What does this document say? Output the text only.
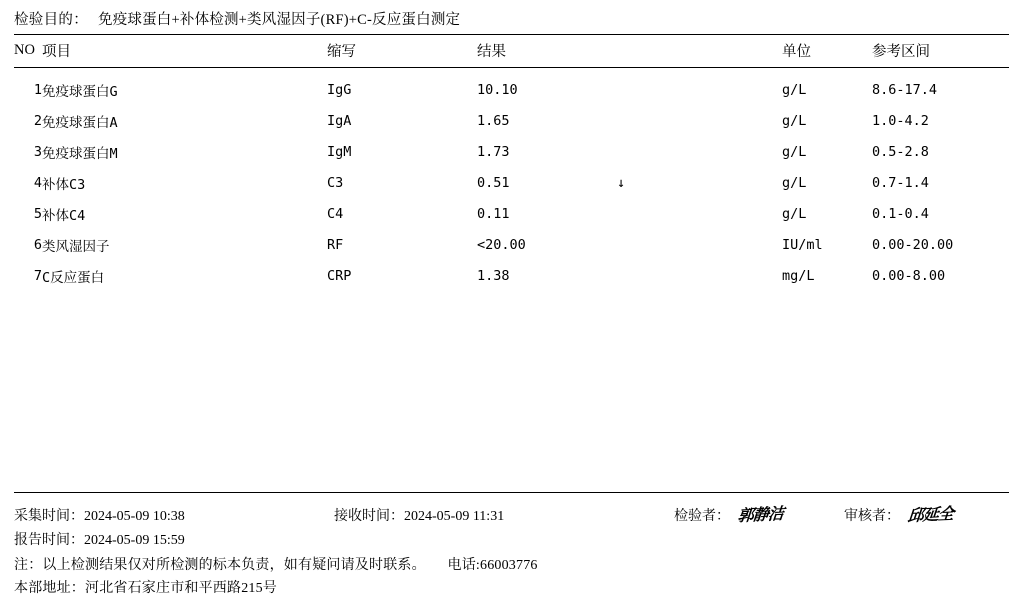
检验目的： 免疫球蛋白+补体检测+类风湿因子(RF)+C-反应蛋白测定
NO	项目	缩写	结果		单位	参考区间
1	免疫球蛋白G	IgG	10.10		g/L	8.6-17.4
2	免疫球蛋白A	IgA	1.65		g/L	1.0-4.2
3	免疫球蛋白M	IgM	1.73		g/L	0.5-2.8
4	补体C3	C3	0.51	↓	g/L	0.7-1.4
5	补体C4	C4	0.11		g/L	0.1-0.4
6	类风湿因子	RF	<20.00		IU/ml	0.00-20.00
7	C反应蛋白	CRP	1.38		mg/L	0.00-8.00
采集时间：2024-05-09 10:38	接收时间：2024-05-09 11:31	检验者： 郭静洁	审核者： 邱延全
报告时间：2024-05-09 15:59
注：以上检测结果仅对所检测的标本负责，如有疑问请及时联系。 电话:66003776
本部地址：河北省石家庄市和平西路215号
